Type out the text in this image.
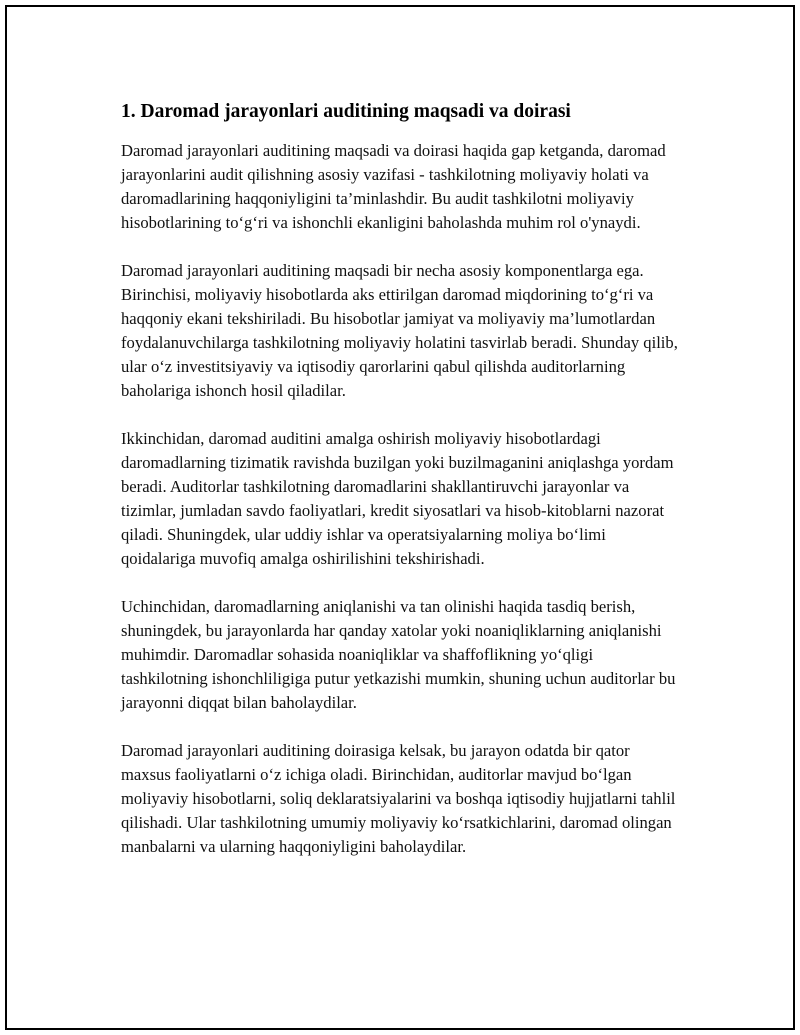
1. Daromad jarayonlari auditining maqsadi va doirasi

Daromad jarayonlari auditining maqsadi va doirasi haqida gap ketganda, daromad jarayonlarini audit qilishning asosiy vazifasi - tashkilotning moliyaviy holati va daromadlarining haqqoniyligini ta’minlashdir. Bu audit tashkilotni moliyaviy hisobotlarining to‘g‘ri va ishonchli ekanligini baholashda muhim rol o'ynaydi.

Daromad jarayonlari auditining maqsadi bir necha asosiy komponentlarga ega. Birinchisi, moliyaviy hisobotlarda aks ettirilgan daromad miqdorining to‘g‘ri va haqqoniy ekani tekshiriladi. Bu hisobotlar jamiyat va moliyaviy ma’lumotlardan foydalanuvchilarga tashkilotning moliyaviy holatini tasvirlab beradi. Shunday qilib, ular o‘z investitsiyaviy va iqtisodiy qarorlarini qabul qilishda auditorlarning baholariga ishonch hosil qiladilar.

Ikkinchidan, daromad auditini amalga oshirish moliyaviy hisobotlardagi daromadlarning tizimatik ravishda buzilgan yoki buzilmaganini aniqlashga yordam beradi. Auditorlar tashkilotning daromadlarini shakllantiruvchi jarayonlar va tizimlar, jumladan savdo faoliyatlari, kredit siyosatlari va hisob-kitoblarni nazorat qiladi. Shuningdek, ular uddiy ishlar va operatsiyalarning moliya bo‘limi qoidalariga muvofiq amalga oshirilishini tekshirishadi.

Uchinchidan, daromadlarning aniqlanishi va tan olinishi haqida tasdiq berish, shuningdek, bu jarayonlarda har qanday xatolar yoki noaniqliklarning aniqlanishi muhimdir. Daromadlar sohasida noaniqliklar va shaffoflikning yo‘qligi tashkilotning ishonchliligiga putur yetkazishi mumkin, shuning uchun auditorlar bu jarayonni diqqat bilan baholaydilar.

Daromad jarayonlari auditining doirasiga kelsak, bu jarayon odatda bir qator maxsus faoliyatlarni o‘z ichiga oladi. Birinchidan, auditorlar mavjud bo‘lgan moliyaviy hisobotlarni, soliq deklaratsiyalarini va boshqa iqtisodiy hujjatlarni tahlil qilishadi. Ular tashkilotning umumiy moliyaviy ko‘rsatkichlarini, daromad olingan manbalarni va ularning haqqoniyligini baholaydilar.
